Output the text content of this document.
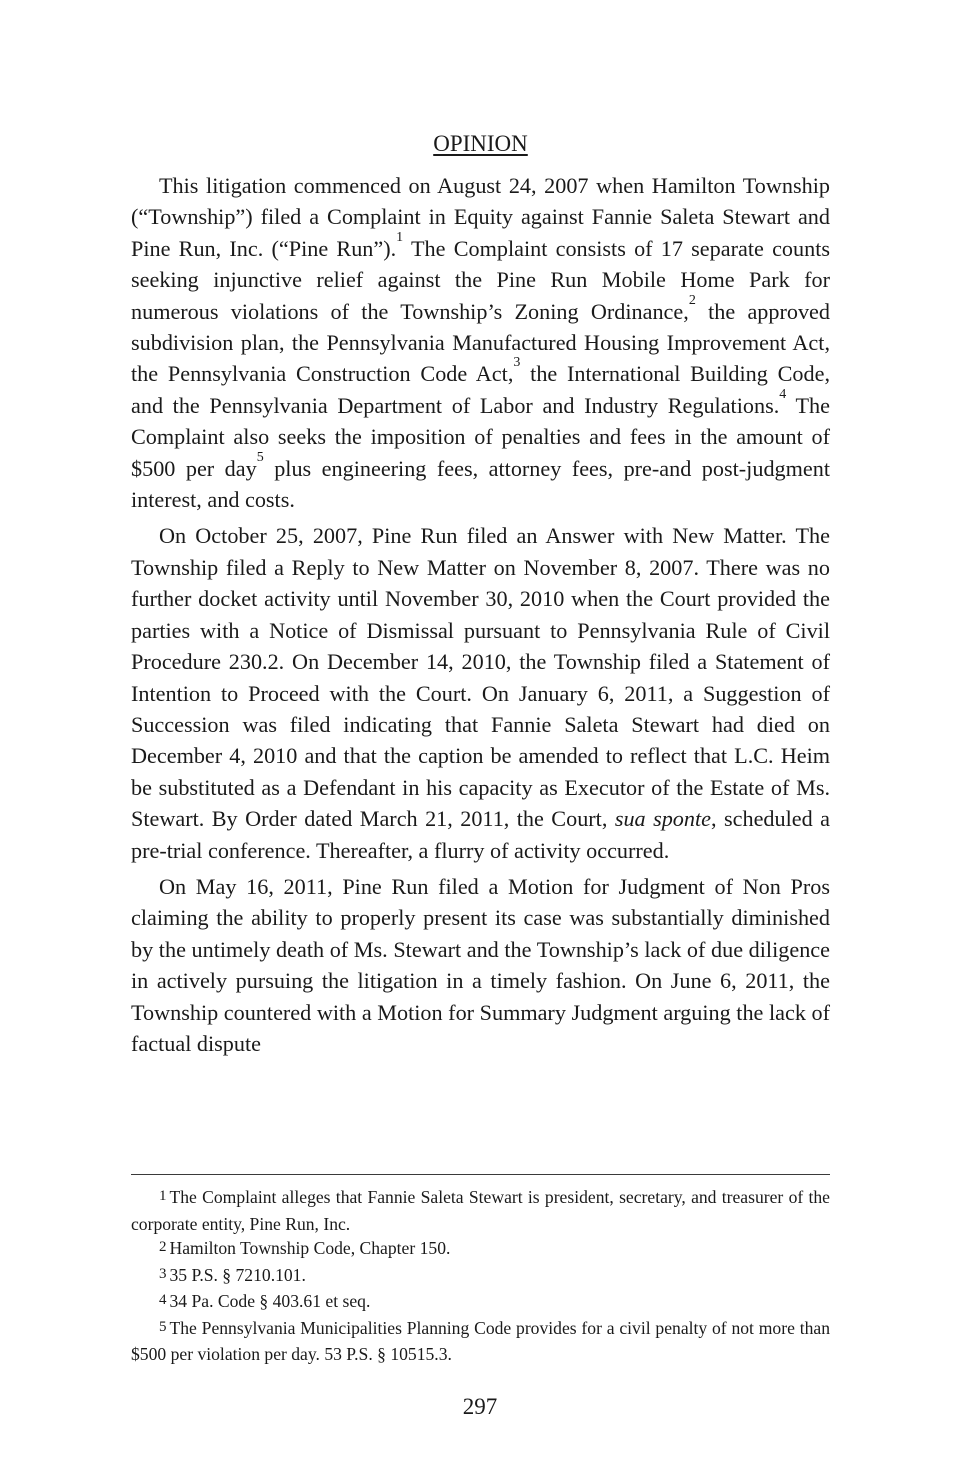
OPINION

This litigation commenced on August 24, 2007 when Hamilton Township (“Township”) filed a Complaint in Equity against Fannie Saleta Stewart and Pine Run, Inc. (“Pine Run”).$^1$ The Complaint consists of 17 separate counts seeking injunctive relief against the Pine Run Mobile Home Park for numerous violations of the Township’s Zoning Ordinance,$^2$ the approved subdivision plan, the Pennsylvania Manufactured Housing Improvement Act, the Pennsylvania Construction Code Act,$^3$ the International Building Code, and the Pennsylvania Department of Labor and Industry Regulations.$^4$ The Complaint also seeks the imposition of penalties and fees in the amount of $500 per day$^5$ plus engineering fees, attorney fees, pre-and post-judgment interest, and costs.

On October 25, 2007, Pine Run filed an Answer with New Matter. The Township filed a Reply to New Matter on November 8, 2007. There was no further docket activity until November 30, 2010 when the Court provided the parties with a Notice of Dismissal pursuant to Pennsylvania Rule of Civil Procedure 230.2. On December 14, 2010, the Township filed a Statement of Intention to Proceed with the Court. On January 6, 2011, a Suggestion of Succession was filed indicating that Fannie Saleta Stewart had died on December 4, 2010 and that the caption be amended to reflect that L.C. Heim be substituted as a Defendant in his capacity as Executor of the Estate of Ms. Stewart. By Order dated March 21, 2011, the Court, sua sponte, scheduled a pre-trial conference. Thereafter, a flurry of activity occurred.

On May 16, 2011, Pine Run filed a Motion for Judgment of Non Pros claiming the ability to properly present its case was substantially diminished by the untimely death of Ms. Stewart and the Township’s lack of due diligence in actively pursuing the litigation in a timely fashion. On June 6, 2011, the Township countered with a Motion for Summary Judgment arguing the lack of factual dispute

1 The Complaint alleges that Fannie Saleta Stewart is president, secretary, and treasurer of the corporate entity, Pine Run, Inc.

2 Hamilton Township Code, Chapter 150.

3 35 P.S. § 7210.101.

4 34 Pa. Code § 403.61 et seq.

5 The Pennsylvania Municipalities Planning Code provides for a civil penalty of not more than $500 per violation per day. 53 P.S. § 10515.3.

297
